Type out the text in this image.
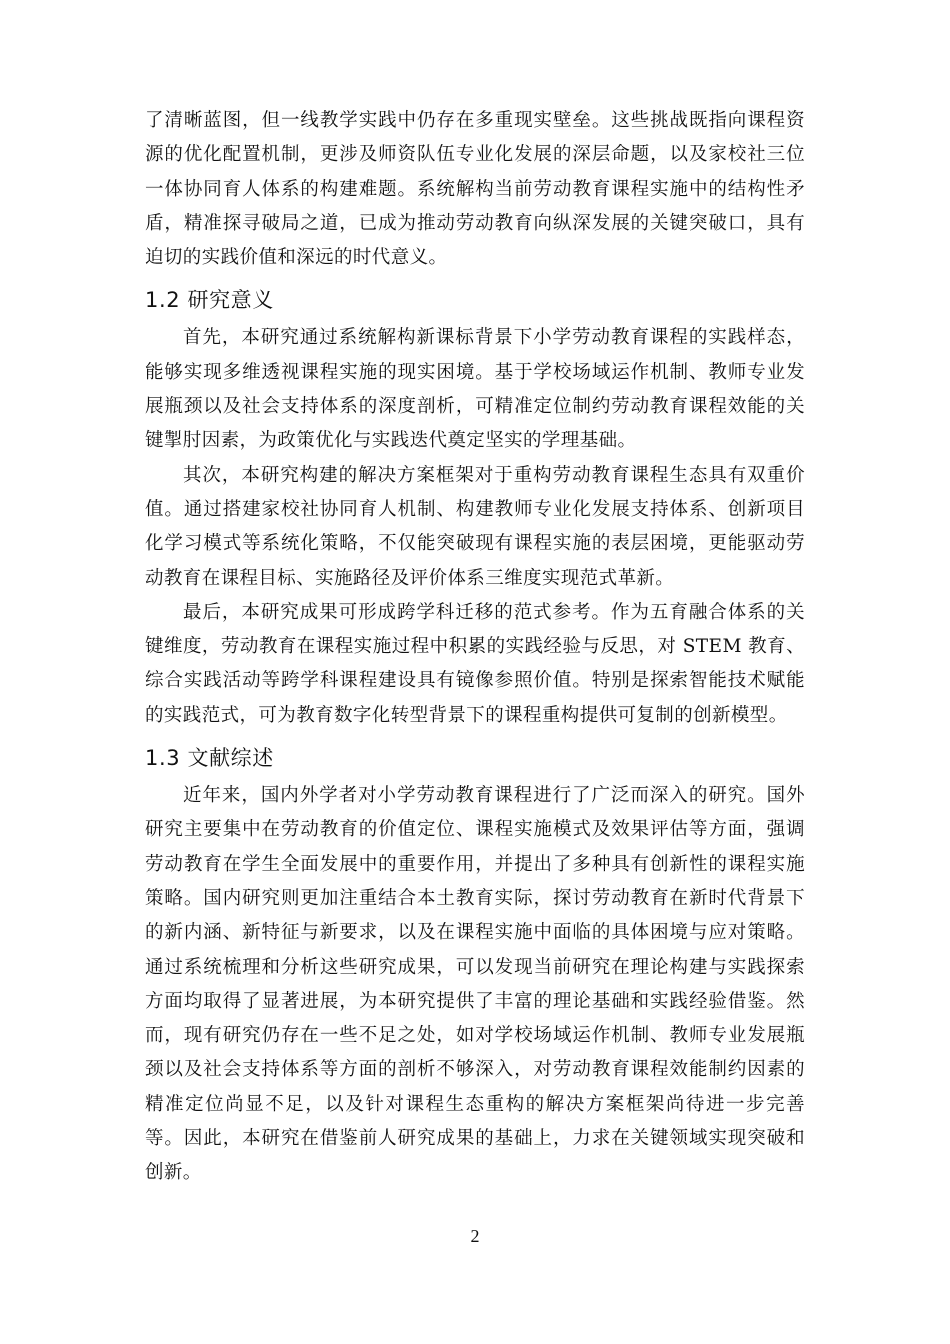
了清晰蓝图，但一线教学实践中仍存在多重现实壁垒。这些挑战既指向课程资源的优化配置机制，更涉及师资队伍专业化发展的深层命题，以及家校社三位一体协同育人体系的构建难题。系统解构当前劳动教育课程实施中的结构性矛盾，精准探寻破局之道，已成为推动劳动教育向纵深发展的关键突破口，具有迫切的实践价值和深远的时代意义。

1.2 研究意义

首先，本研究通过系统解构新课标背景下小学劳动教育课程的实践样态，能够实现多维透视课程实施的现实困境。基于学校场域运作机制、教师专业发展瓶颈以及社会支持体系的深度剖析，可精准定位制约劳动教育课程效能的关键掣肘因素，为政策优化与实践迭代奠定坚实的学理基础。

其次，本研究构建的解决方案框架对于重构劳动教育课程生态具有双重价值。通过搭建家校社协同育人机制、构建教师专业化发展支持体系、创新项目化学习模式等系统化策略，不仅能突破现有课程实施的表层困境，更能驱动劳动教育在课程目标、实施路径及评价体系三维度实现范式革新。

最后，本研究成果可形成跨学科迁移的范式参考。作为五育融合体系的关键维度，劳动教育在课程实施过程中积累的实践经验与反思，对 STEM 教育、综合实践活动等跨学科课程建设具有镜像参照价值。特别是探索智能技术赋能的实践范式，可为教育数字化转型背景下的课程重构提供可复制的创新模型。

1.3 文献综述

近年来，国内外学者对小学劳动教育课程进行了广泛而深入的研究。国外研究主要集中在劳动教育的价值定位、课程实施模式及效果评估等方面，强调劳动教育在学生全面发展中的重要作用，并提出了多种具有创新性的课程实施策略。国内研究则更加注重结合本土教育实际，探讨劳动教育在新时代背景下的新内涵、新特征与新要求，以及在课程实施中面临的具体困境与应对策略。通过系统梳理和分析这些研究成果，可以发现当前研究在理论构建与实践探索方面均取得了显著进展，为本研究提供了丰富的理论基础和实践经验借鉴。然而，现有研究仍存在一些不足之处，如对学校场域运作机制、教师专业发展瓶颈以及社会支持体系等方面的剖析不够深入，对劳动教育课程效能制约因素的精准定位尚显不足，以及针对课程生态重构的解决方案框架尚待进一步完善等。因此，本研究在借鉴前人研究成果的基础上，力求在关键领域实现突破和创新。

2
